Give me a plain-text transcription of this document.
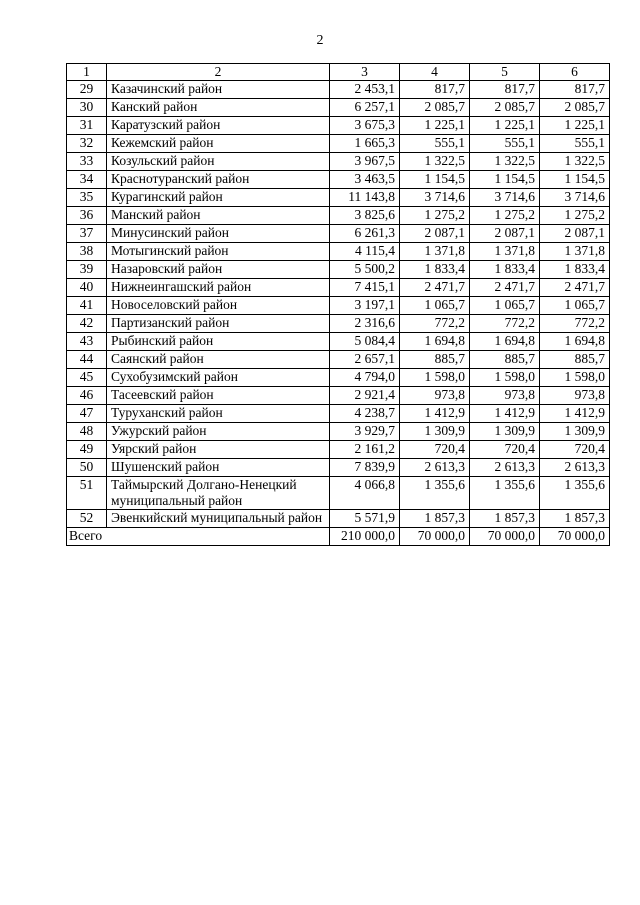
2
1	2	3	4	5	6
29	Казачинский район	2 453,1	817,7	817,7	817,7
30	Канский район	6 257,1	2 085,7	2 085,7	2 085,7
31	Каратузский район	3 675,3	1 225,1	1 225,1	1 225,1
32	Кежемский район	1 665,3	555,1	555,1	555,1
33	Козульский район	3 967,5	1 322,5	1 322,5	1 322,5
34	Краснотуранский район	3 463,5	1 154,5	1 154,5	1 154,5
35	Курагинский район	11 143,8	3 714,6	3 714,6	3 714,6
36	Манский район	3 825,6	1 275,2	1 275,2	1 275,2
37	Минусинский район	6 261,3	2 087,1	2 087,1	2 087,1
38	Мотыгинский район	4 115,4	1 371,8	1 371,8	1 371,8
39	Назаровский район	5 500,2	1 833,4	1 833,4	1 833,4
40	Нижнеингашский район	7 415,1	2 471,7	2 471,7	2 471,7
41	Новоселовский район	3 197,1	1 065,7	1 065,7	1 065,7
42	Партизанский район	2 316,6	772,2	772,2	772,2
43	Рыбинский район	5 084,4	1 694,8	1 694,8	1 694,8
44	Саянский район	2 657,1	885,7	885,7	885,7
45	Сухобузимский район	4 794,0	1 598,0	1 598,0	1 598,0
46	Тасеевский район	2 921,4	973,8	973,8	973,8
47	Туруханский район	4 238,7	1 412,9	1 412,9	1 412,9
48	Ужурский район	3 929,7	1 309,9	1 309,9	1 309,9
49	Уярский район	2 161,2	720,4	720,4	720,4
50	Шушенский район	7 839,9	2 613,3	2 613,3	2 613,3
51	Таймырский Долгано-Ненецкий муниципальный район	4 066,8	1 355,6	1 355,6	1 355,6
52	Эвенкийский муниципальный район	5 571,9	1 857,3	1 857,3	1 857,3
Всего		210 000,0	70 000,0	70 000,0	70 000,0
